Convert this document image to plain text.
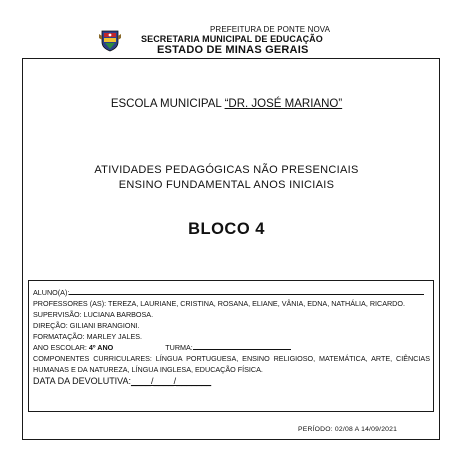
PREFEITURA DE PONTE NOVA
SECRETARIA MUNICIPAL DE EDUCAÇÃO
ESTADO DE MINAS GERAIS
ESCOLA MUNICIPAL “DR. JOSÉ MARIANO”
ATIVIDADES PEDAGÓGICAS NÃO PRESENCIAIS
ENSINO FUNDAMENTAL ANOS INICIAIS
BLOCO 4
ALUNO(A):
PROFESSORES (AS): TEREZA, LAURIANE, CRISTINA, ROSANA, ELIANE, VÂNIA, EDNA, NATHÁLIA, RICARDO.
SUPERVISÃO: LUCIANA BARBOSA.
DIREÇÃO: GILIANI BRANGIONI.
FORMATAÇÃO: MARLEY JALES.
ANO ESCOLAR: 4º ANO	TURMA:
COMPONENTES CURRICULARES: LÍNGUA PORTUGUESA, ENSINO RELIGIOSO, MATEMÁTICA, ARTE, CIÊNCIAS HUMANAS E DA NATUREZA, LÍNGUA INGLESA, EDUCAÇÃO FÍSICA.
DATA DA DEVOLUTIVA:____/____/_______
PERÍODO: 02/08 A 14/09/2021
